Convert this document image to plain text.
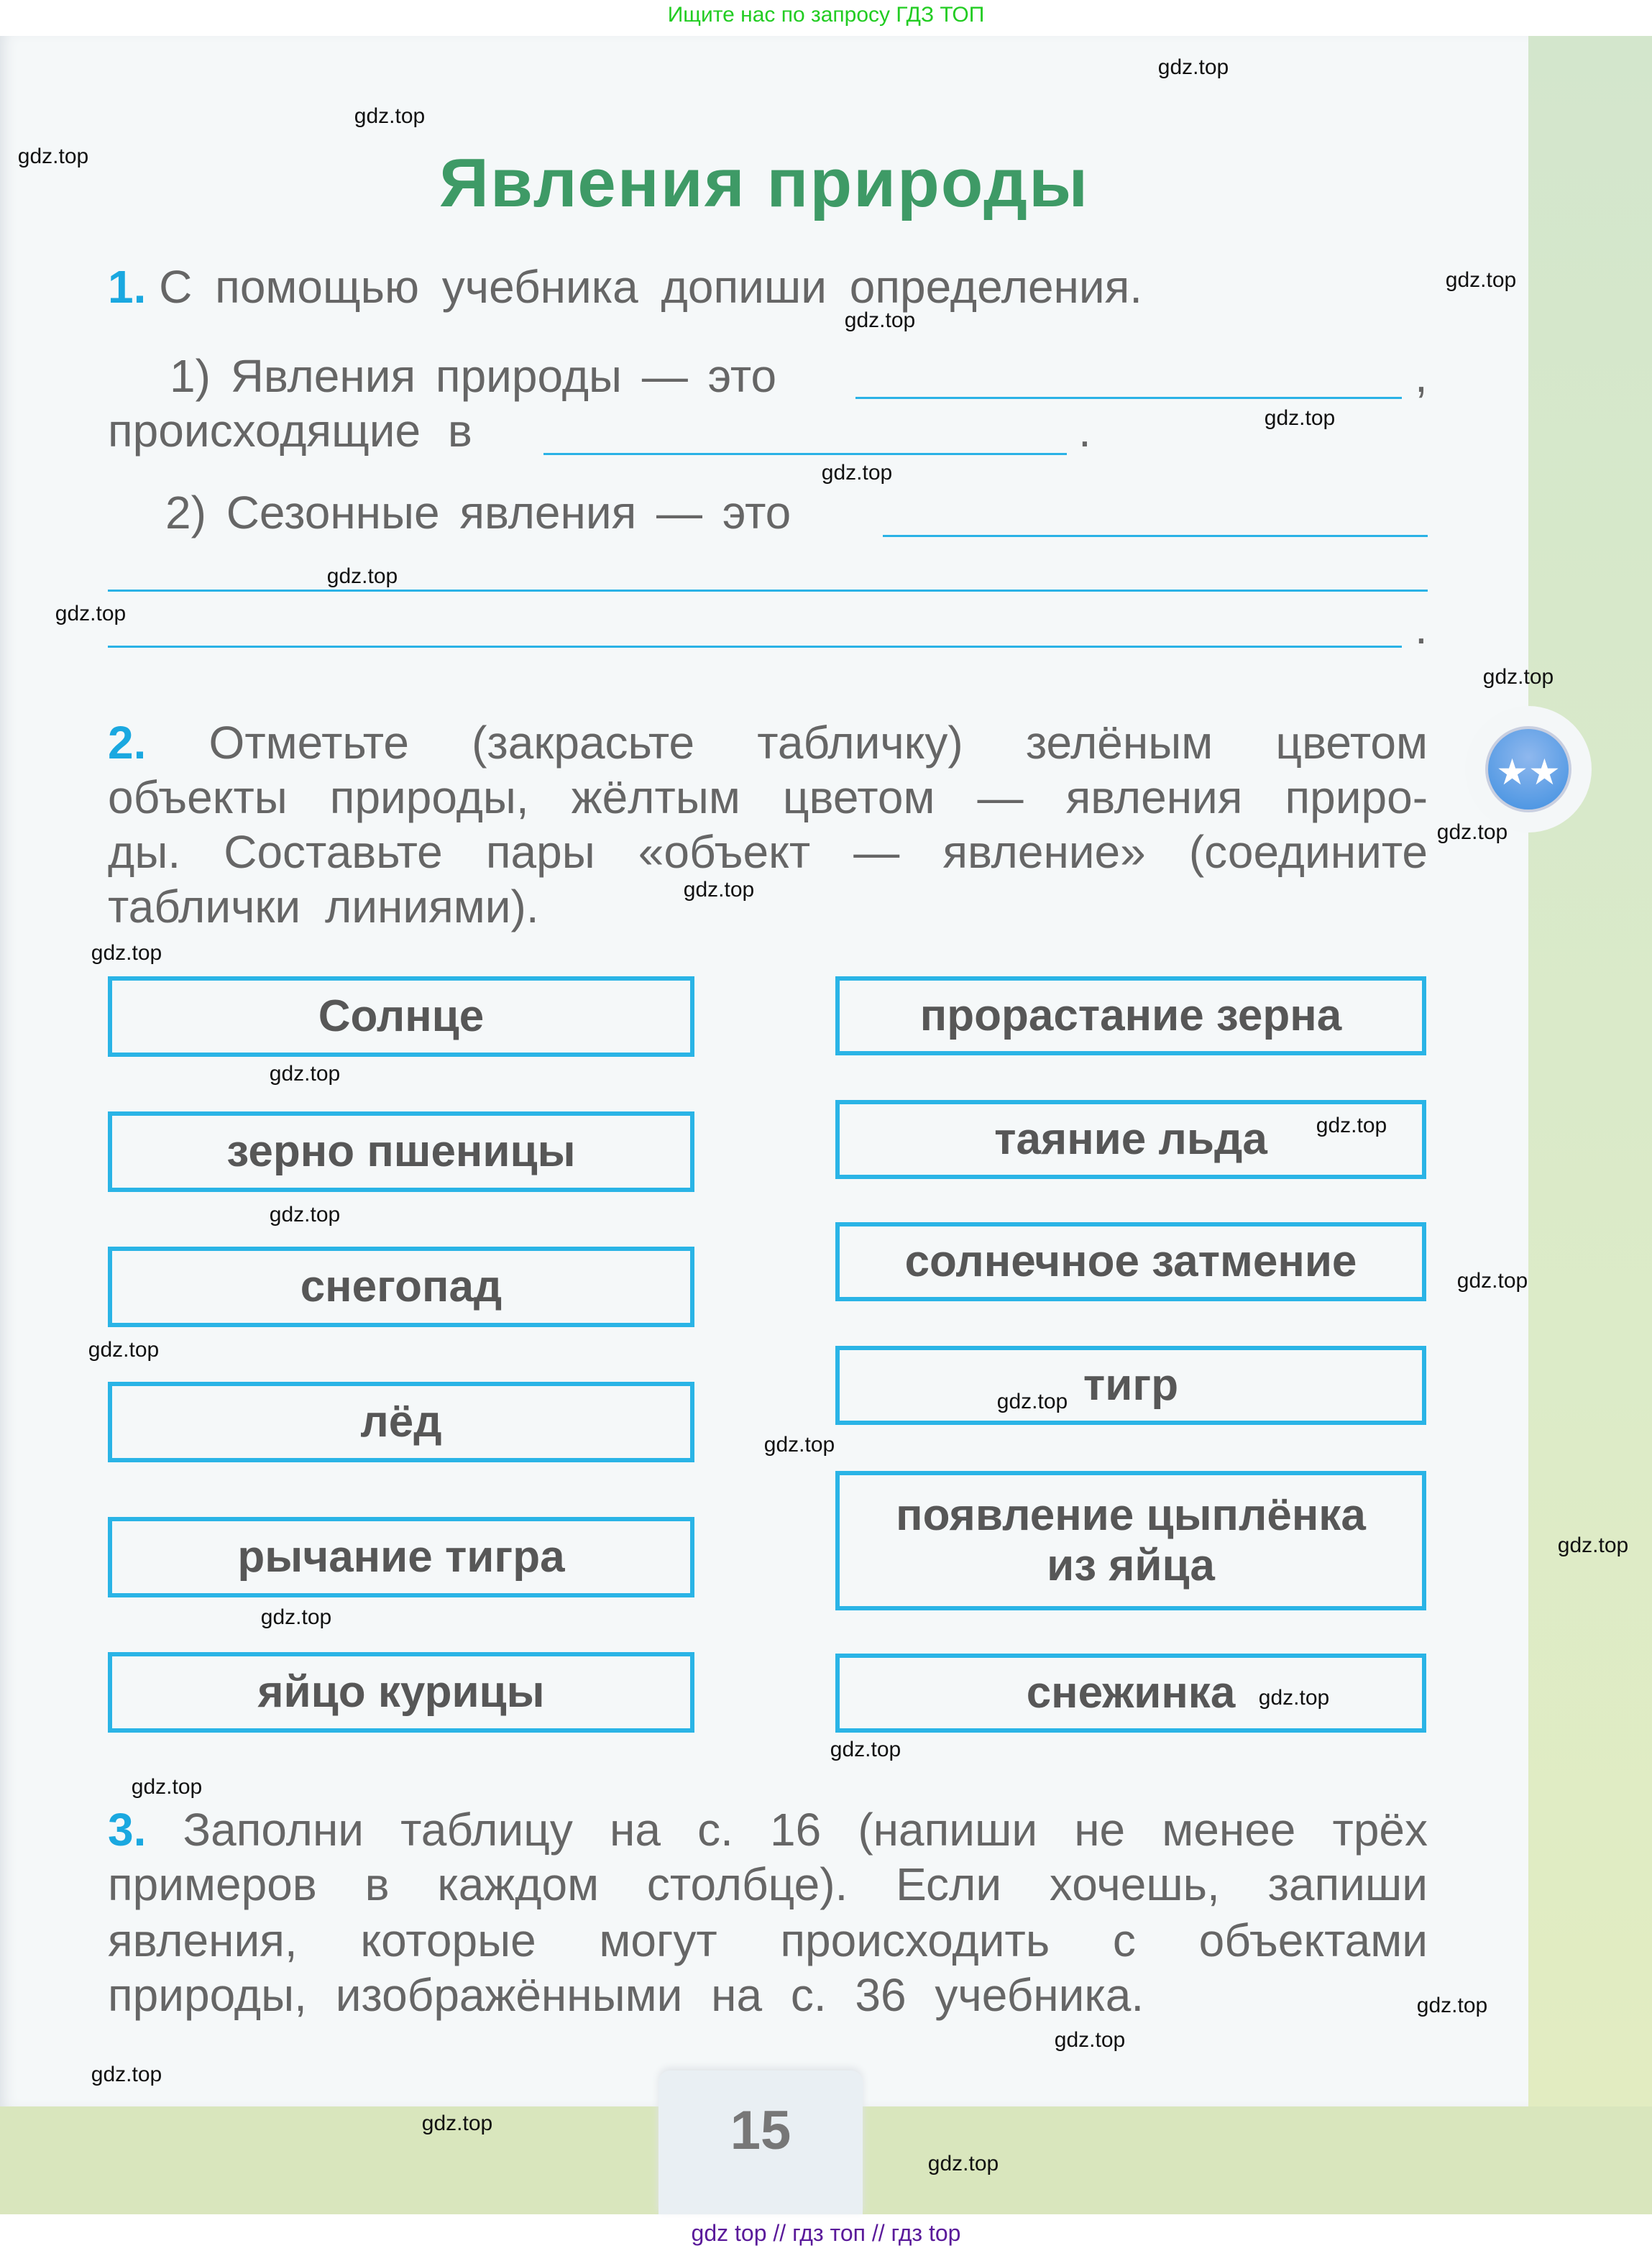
Ищите нас по запросу ГДЗ ТОП
gdz top // гдз топ // гдз top
★★
15
Явления природы
1. С помощью учебника допиши определения.
1) Явления природы — это	,
происходящие в	.
2) Сезонные явления — это
.
2. Отметьте (закрасьте табличку) зелёным цветом
объекты природы, жёлтым цветом — явления приро-
ды. Составьте пары «объект — явление» (соедините
таблички линиями).
Солнце
зерно пшеницы
снегопад
лёд
рычание тигра
яйцо курицы
прорастание зерна
таяние льда
солнечное затмение
тигр
появление цыплёнка из яйца
снежинка
3. Заполни таблицу на с. 16 (напиши не менее трёх
примеров в каждом столбце). Если хочешь, запиши
явления, которые могут происходить с объектами
природы, изображёнными на с. 36 учебника.
gdz.top
gdz.top
gdz.top
gdz.top
gdz.top
gdz.top
gdz.top
gdz.top
gdz.top
gdz.top
gdz.top
gdz.top
gdz.top
gdz.top
gdz.top
gdz.top
gdz.top
gdz.top
gdz.top
gdz.top
gdz.top
gdz.top
gdz.top
gdz.top
gdz.top
gdz.top
gdz.top
gdz.top
gdz.top
gdz.top
